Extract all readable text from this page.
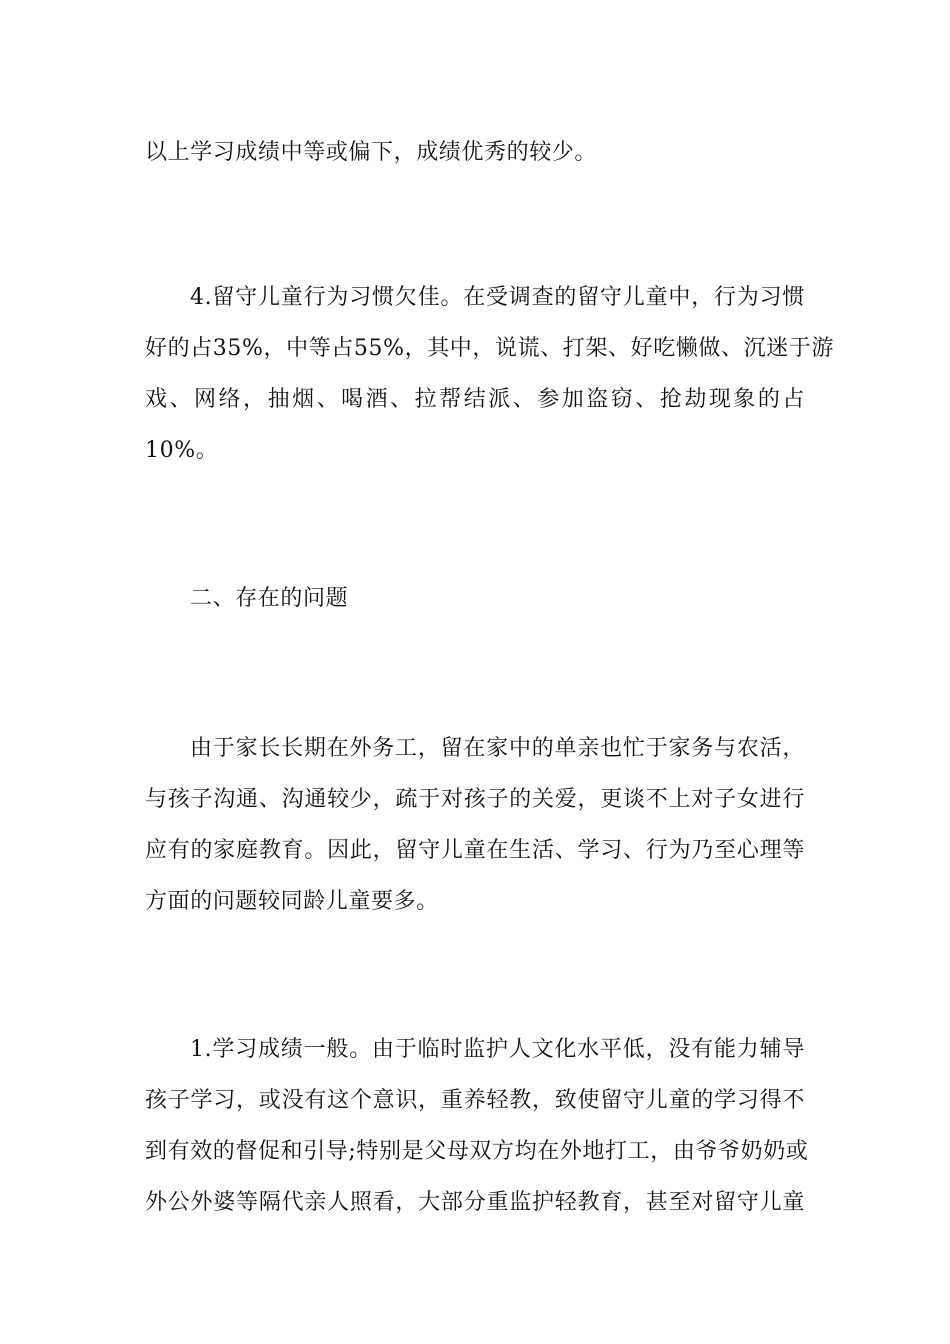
以上学习成绩中等或偏下，成绩优秀的较少。
4.留守儿童行为习惯欠佳。在受调查的留守儿童中，行为习惯
好的占35%，中等占55%，其中，说谎、打架、好吃懒做、沉迷于游
戏、网络，抽烟、喝酒、拉帮结派、参加盗窃、抢劫现象的占
10%。
二、存在的问题
由于家长长期在外务工，留在家中的单亲也忙于家务与农活，
与孩子沟通、沟通较少，疏于对孩子的关爱，更谈不上对子女进行
应有的家庭教育。因此，留守儿童在生活、学习、行为乃至心理等
方面的问题较同龄儿童要多。
1.学习成绩一般。由于临时监护人文化水平低，没有能力辅导
孩子学习，或没有这个意识，重养轻教，致使留守儿童的学习得不
到有效的督促和引导;特别是父母双方均在外地打工，由爷爷奶奶或
外公外婆等隔代亲人照看，大部分重监护轻教育，甚至对留守儿童
